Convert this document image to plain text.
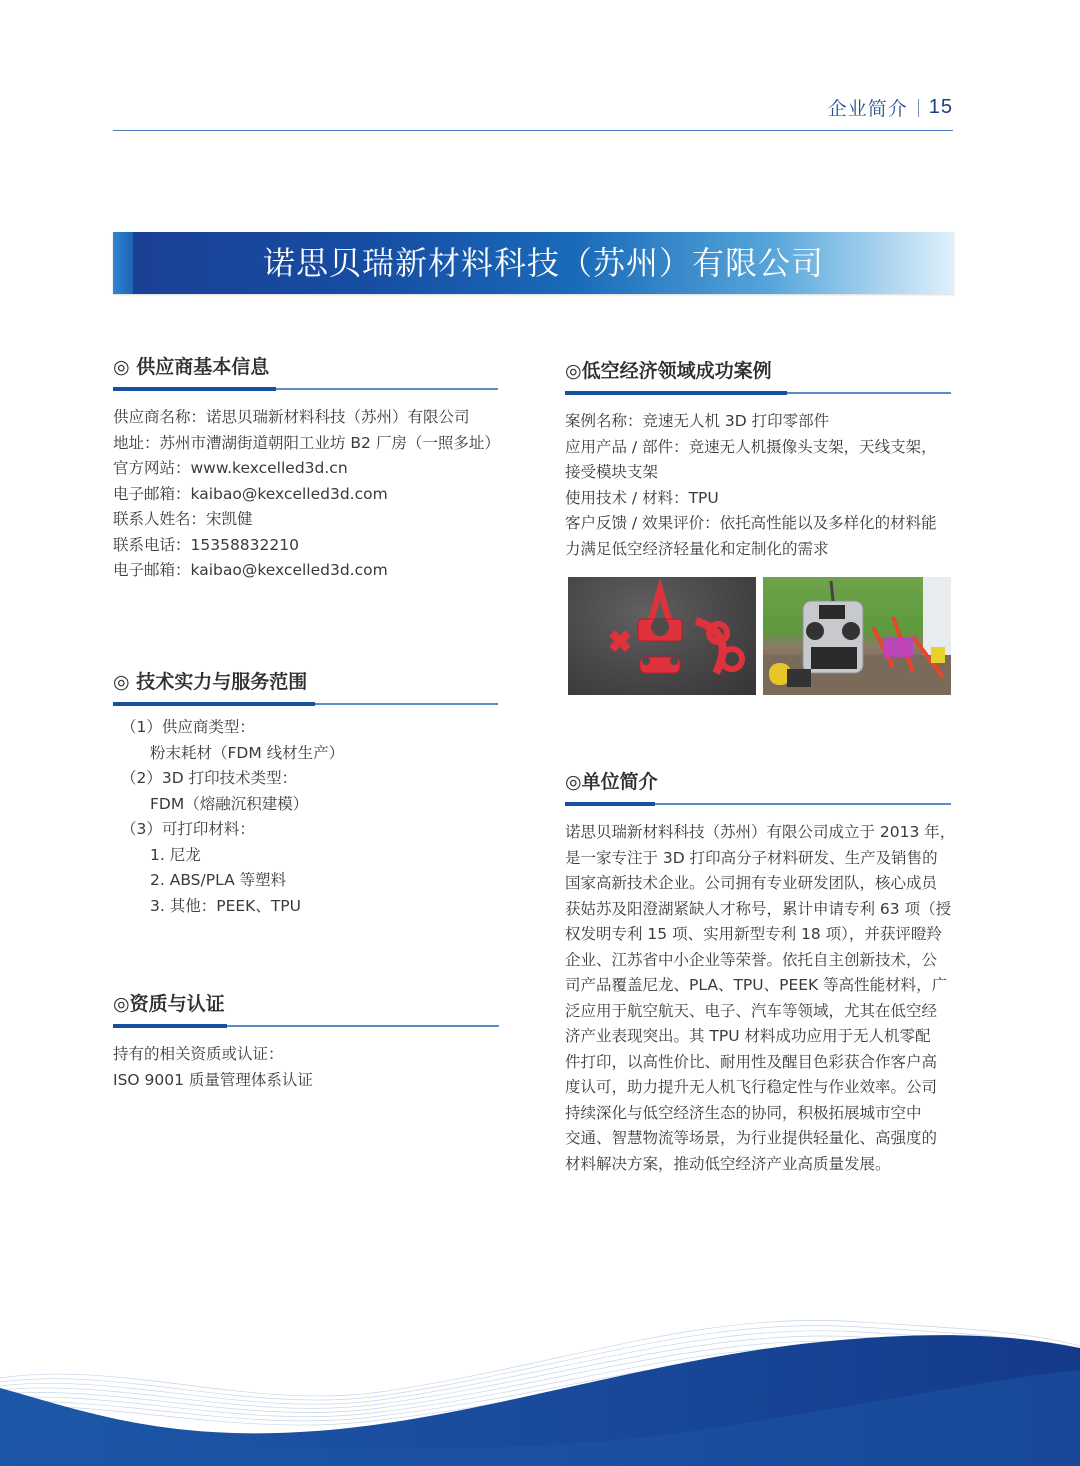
企业简介 15
诺思贝瑞新材料科技（苏州）有限公司
◎ 供应商基本信息
供应商名称：诺思贝瑞新材料科技（苏州）有限公司
地址：苏州市漕湖街道朝阳工业坊 B2 厂房（一照多址）
官方网站：www.kexcelled3d.cn
电子邮箱：kaibao@kexcelled3d.com
联系人姓名：宋凯健
联系电话：15358832210
电子邮箱：kaibao@kexcelled3d.com
◎ 技术实力与服务范围
（1）供应商类型：
粉末耗材（FDM 线材生产）
（2）3D 打印技术类型：
FDM（熔融沉积建模）
（3）可打印材料：
1. 尼龙
2. ABS/PLA 等塑料
3. 其他：PEEK、TPU
◎资质与认证
持有的相关资质或认证：
ISO 9001 质量管理体系认证
◎低空经济领域成功案例
案例名称：竞速无人机 3D 打印零部件
应用产品 / 部件：竞速无人机摄像头支架，天线支架，
接受模块支架
使用技术 / 材料：TPU
客户反馈 / 效果评价：依托高性能以及多样化的材料能
力满足低空经济轻量化和定制化的需求
◎单位简介
诺思贝瑞新材料科技（苏州）有限公司成立于 2013 年，
是一家专注于 3D 打印高分子材料研发、生产及销售的
国家高新技术企业。公司拥有专业研发团队，核心成员
获姑苏及阳澄湖紧缺人才称号，累计申请专利 63 项（授
权发明专利 15 项、实用新型专利 18 项），并获评瞪羚
企业、江苏省中小企业等荣誉。依托自主创新技术，公
司产品覆盖尼龙、PLA、TPU、PEEK 等高性能材料，广
泛应用于航空航天、电子、汽车等领域，尤其在低空经
济产业表现突出。其 TPU 材料成功应用于无人机零配
件打印，以高性价比、耐用性及醒目色彩获合作客户高
度认可，助力提升无人机飞行稳定性与作业效率。公司
持续深化与低空经济生态的协同，积极拓展城市空中
交通、智慧物流等场景，为行业提供轻量化、高强度的
材料解决方案，推动低空经济产业高质量发展。
